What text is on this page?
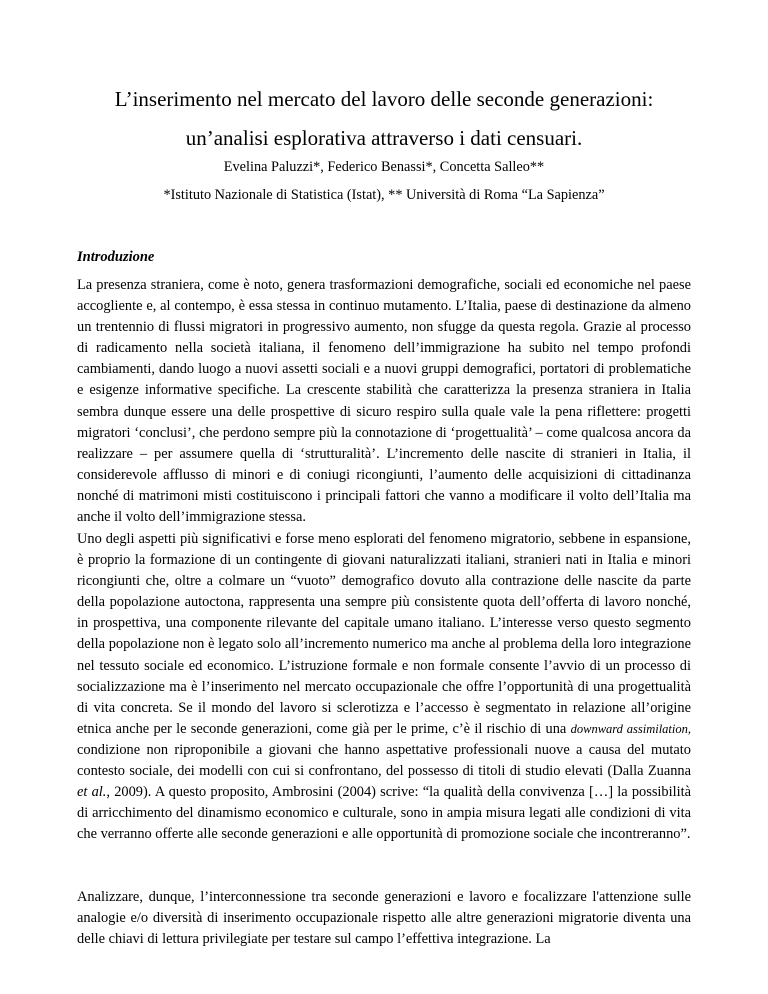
L’inserimento nel mercato del lavoro delle seconde generazioni:
un’analisi esplorativa attraverso i dati censuari.
Evelina Paluzzi*, Federico Benassi*, Concetta Salleo**
*Istituto Nazionale di Statistica (Istat), ** Università di Roma “La Sapienza”
Introduzione
La presenza straniera, come è noto, genera trasformazioni demografiche, sociali ed economiche nel paese accogliente e, al contempo, è essa stessa in continuo mutamento. L’Italia, paese di destinazione da almeno un trentennio di flussi migratori in progressivo aumento, non sfugge da questa regola. Grazie al processo di radicamento nella società italiana, il fenomeno dell’immigrazione ha subito nel tempo profondi cambiamenti, dando luogo a nuovi assetti sociali e a nuovi gruppi demografici, portatori di problematiche e esigenze informative specifiche. La crescente stabilità che caratterizza la presenza straniera in Italia sembra dunque essere una delle prospettive di sicuro respiro sulla quale vale la pena riflettere: progetti migratori ‘conclusi’, che perdono sempre più la connotazione di ‘progettualità’ – come qualcosa ancora da realizzare – per assumere quella di ‘strutturalità’. L’incremento delle nascite di stranieri in Italia, il considerevole afflusso di minori e di coniugi ricongiunti, l’aumento delle acquisizioni di cittadinanza nonché di matrimoni misti costituiscono i principali fattori che vanno a modificare il volto dell’Italia ma anche il volto dell’immigrazione stessa.
Uno degli aspetti più significativi e forse meno esplorati del fenomeno migratorio, sebbene in espansione, è proprio la formazione di un contingente di giovani naturalizzati italiani, stranieri nati in Italia e minori ricongiunti che, oltre a colmare un “vuoto” demografico dovuto alla contrazione delle nascite da parte della popolazione autoctona, rappresenta una sempre più consistente quota dell’offerta di lavoro nonché, in prospettiva, una componente rilevante del capitale umano italiano. L’interesse verso questo segmento della popolazione non è legato solo all’incremento numerico ma anche al problema della loro integrazione nel tessuto sociale ed economico. L’istruzione formale e non formale consente l’avvio di un processo di socializzazione ma è l’inserimento nel mercato occupazionale che offre l’opportunità di una progettualità di vita concreta. Se il mondo del lavoro si sclerotizza e l’accesso è segmentato in relazione all’origine etnica anche per le seconde generazioni, come già per le prime, c’è il rischio di una downward assimilation, condizione non riproponibile a giovani che hanno aspettative professionali nuove a causa del mutato contesto sociale, dei modelli con cui si confrontano, del possesso di titoli di studio elevati (Dalla Zuanna et al., 2009). A questo proposito, Ambrosini (2004) scrive: “la qualità della convivenza […] la possibilità di arricchimento del dinamismo economico e culturale, sono in ampia misura legati alle condizioni di vita che verranno offerte alle seconde generazioni e alle opportunità di promozione sociale che incontreranno”.
Analizzare, dunque, l’interconnessione tra seconde generazioni e lavoro e focalizzare l'attenzione sulle analogie e/o diversità di inserimento occupazionale rispetto alle altre generazioni migratorie diventa una delle chiavi di lettura privilegiate per testare sul campo l’effettiva integrazione. La
